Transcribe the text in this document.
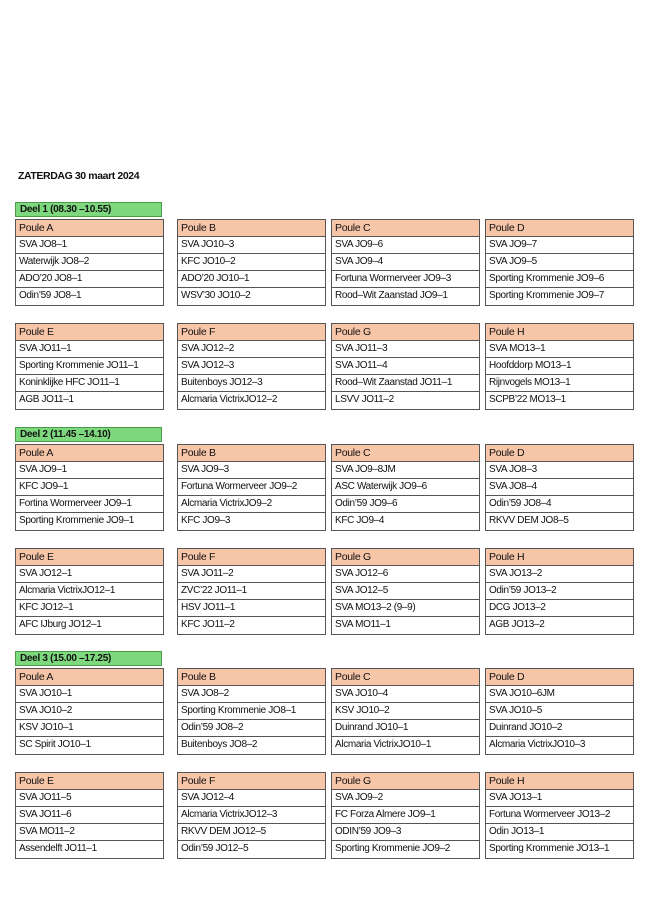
ZATERDAG 30 maart 2024
Deel 1 (08.30 –10.55)
Poule A
SVA JO8–1
Waterwijk JO8–2
ADO’20 JO8–1
Odin’59 JO8–1
Poule B
SVA JO10–3
KFC JO10–2
ADO’20 JO10–1
WSV’30 JO10–2
Poule C
SVA JO9–6
SVA JO9–4
Fortuna Wormerveer JO9–3
Rood–Wit Zaanstad JO9–1
Poule D
SVA JO9–7
SVA JO9–5
Sporting Krommenie JO9–6
Sporting Krommenie JO9–7
Poule E
SVA JO11–1
Sporting Krommenie JO11–1
Koninklijke HFC JO11–1
AGB JO11–1
Poule F
SVA JO12–2
SVA JO12–3
Buitenboys JO12–3
Alcmaria VictrixJO12–2
Poule G
SVA JO11–3
SVA JO11–4
Rood–Wit Zaanstad JO11–1
LSVV JO11–2
Poule H
SVA MO13–1
Hoofddorp MO13–1
Rijnvogels MO13–1
SCPB’22 MO13–1
Deel 2 (11.45 –14.10)
Poule A
SVA JO9–1
KFC JO9–1
Fortina Wormerveer JO9–1
Sporting Krommenie JO9–1
Poule B
SVA JO9–3
Fortuna Wormerveer JO9–2
Alcmaria VictrixJO9–2
KFC JO9–3
Poule C
SVA JO9–8JM
ASC Waterwijk JO9–6
Odin’59 JO9–6
KFC JO9–4
Poule D
SVA JO8–3
SVA JO8–4
Odin’59 JO8–4
RKVV DEM JO8–5
Poule E
SVA JO12–1
Alcmaria VictrixJO12–1
KFC JO12–1
AFC IJburg JO12–1
Poule F
SVA JO11–2
ZVC’22 JO11–1
HSV JO11–1
KFC JO11–2
Poule G
SVA JO12–6
SVA JO12–5
SVA MO13–2 (9–9)
SVA MO11–1
Poule H
SVA JO13–2
Odin’59 JO13–2
DCG JO13–2
AGB JO13–2
Deel 3 (15.00 –17.25)
Poule A
SVA JO10–1
SVA JO10–2
KSV JO10–1
SC Spirit JO10–1
Poule B
SVA JO8–2
Sporting Krommenie JO8–1
Odin’59 JO8–2
Buitenboys JO8–2
Poule C
SVA JO10–4
KSV JO10–2
Duinrand JO10–1
Alcmaria VictrixJO10–1
Poule D
SVA JO10–6JM
SVA JO10–5
Duinrand JO10–2
Alcmaria VictrixJO10–3
Poule E
SVA JO11–5
SVA JO11–6
SVA MO11–2
Assendelft JO11–1
Poule F
SVA JO12–4
Alcmaria VictrixJO12–3
RKVV DEM JO12–5
Odin’59 JO12–5
Poule G
SVA JO9–2
FC Forza Almere JO9–1
ODIN’59 JO9–3
Sporting Krommenie JO9–2
Poule H
SVA JO13–1
Fortuna Wormerveer JO13–2
Odin JO13–1
Sporting Krommenie JO13–1
